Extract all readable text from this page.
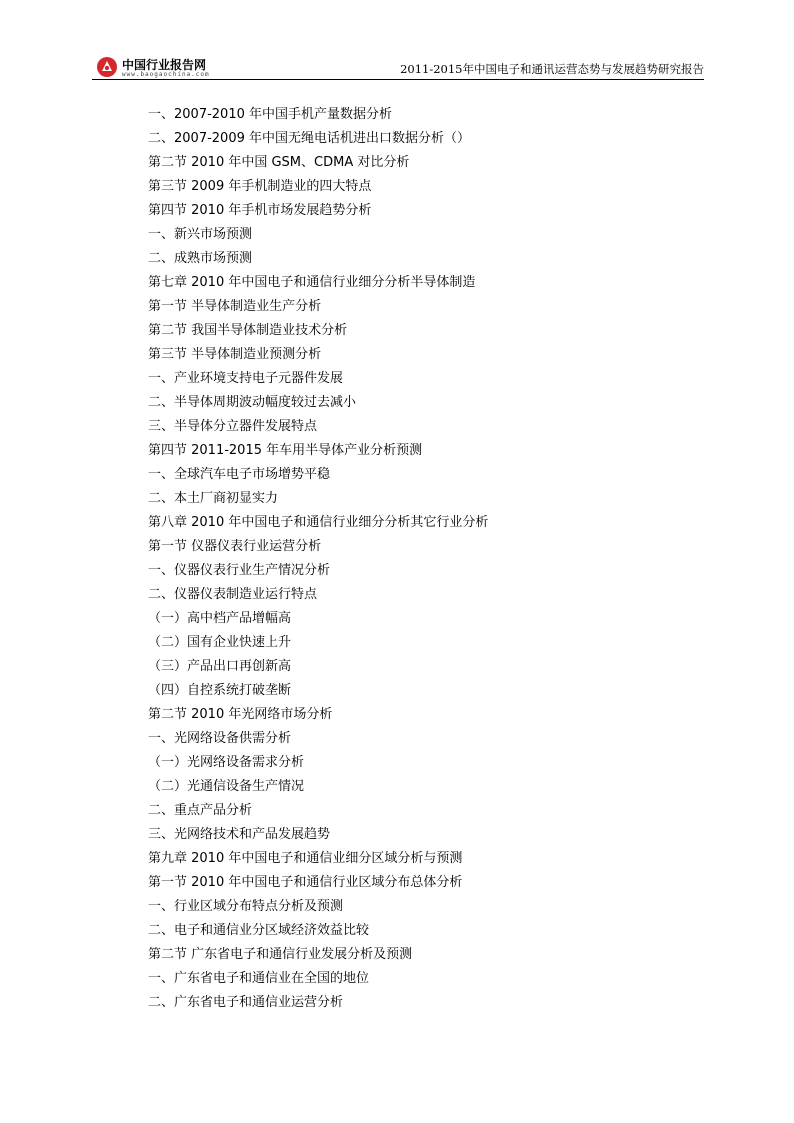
中国行业报告网
www.baogaochina.com	2011-2015年中国电子和通讯运营态势与发展趋势研究报告
一、2007-2010 年中国手机产量数据分析
二、2007-2009 年中国无绳电话机进出口数据分析（）
第二节 2010 年中国 GSM、CDMA 对比分析
第三节 2009 年手机制造业的四大特点
第四节 2010 年手机市场发展趋势分析
一、新兴市场预测
二、成熟市场预测
第七章 2010 年中国电子和通信行业细分分析半导体制造
第一节 半导体制造业生产分析
第二节 我国半导体制造业技术分析
第三节 半导体制造业预测分析
一、产业环境支持电子元器件发展
二、半导体周期波动幅度较过去减小
三、半导体分立器件发展特点
第四节 2011-2015 年车用半导体产业分析预测
一、全球汽车电子市场增势平稳
二、本土厂商初显实力
第八章 2010 年中国电子和通信行业细分分析其它行业分析
第一节 仪器仪表行业运营分析
一、仪器仪表行业生产情况分析
二、仪器仪表制造业运行特点
（一）高中档产品增幅高
（二）国有企业快速上升
（三）产品出口再创新高
（四）自控系统打破垄断
第二节 2010 年光网络市场分析
一、光网络设备供需分析
（一）光网络设备需求分析
（二）光通信设备生产情况
二、重点产品分析
三、光网络技术和产品发展趋势
第九章 2010 年中国电子和通信业细分区域分析与预测
第一节 2010 年中国电子和通信行业区域分布总体分析
一、行业区域分布特点分析及预测
二、电子和通信业分区域经济效益比较
第二节 广东省电子和通信行业发展分析及预测
一、广东省电子和通信业在全国的地位
二、广东省电子和通信业运营分析
